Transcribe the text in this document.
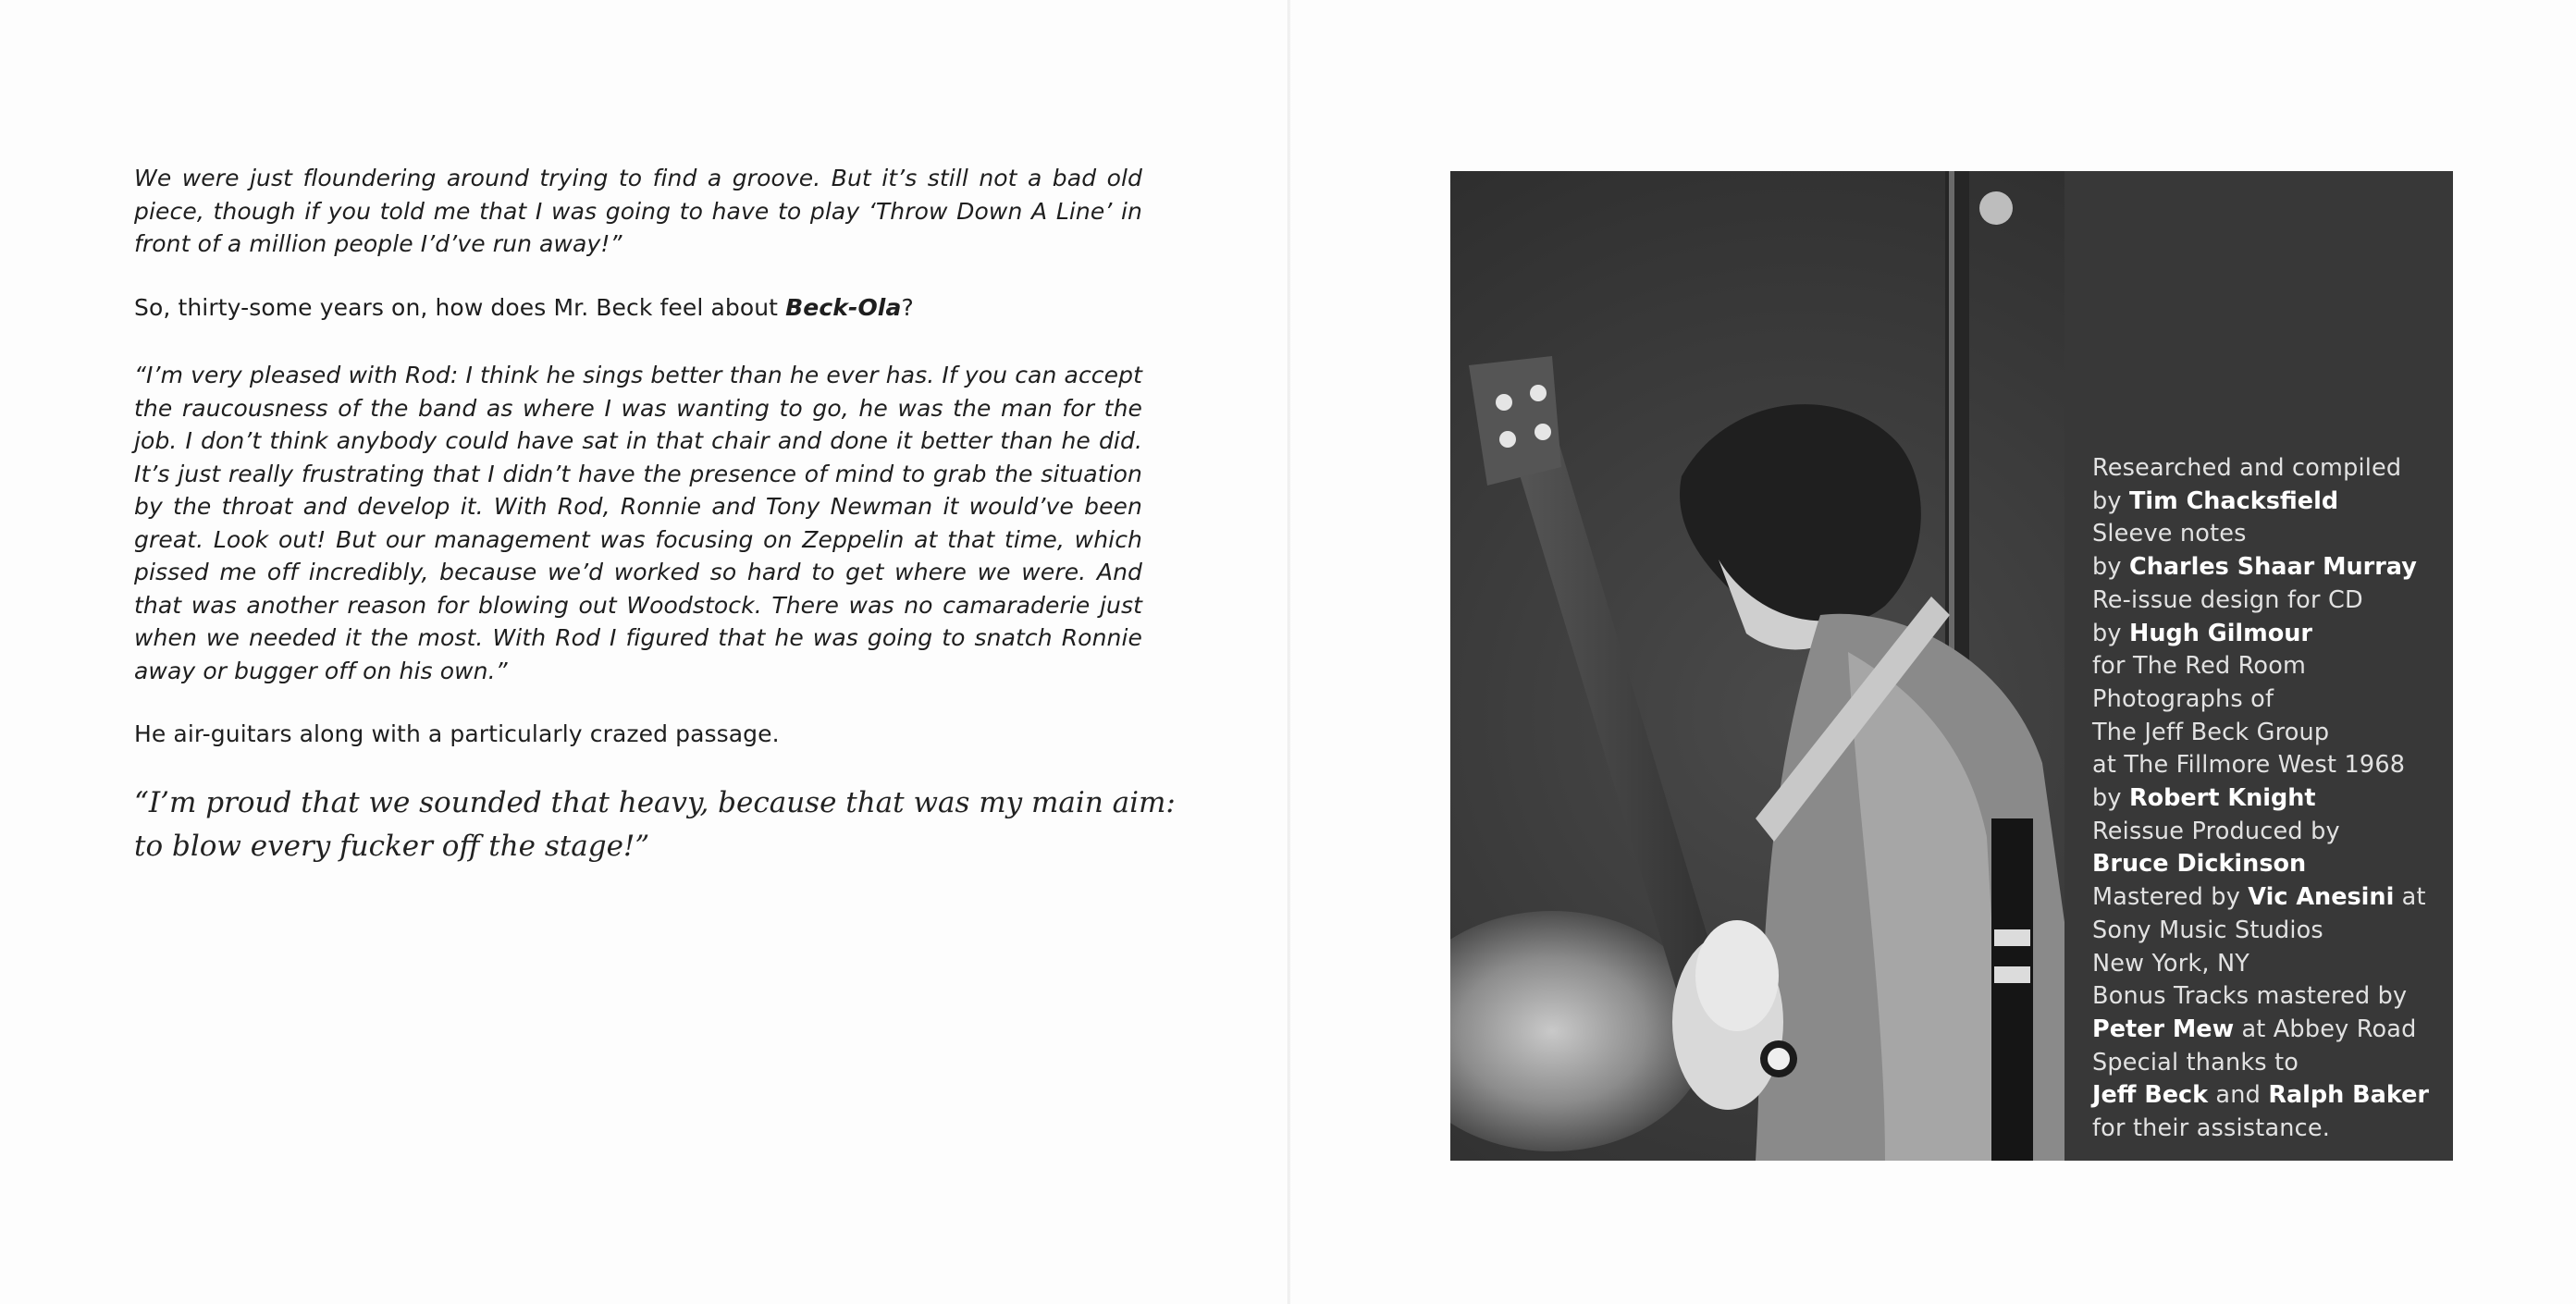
We were just floundering around trying to find a groove. But it’s still not a bad old piece, though if you told me that I was going to have to play ‘Throw Down A Line’ in front of a million people I’d’ve run away!”

So, thirty-some years on, how does Mr. Beck feel about Beck-Ola?

“I’m very pleased with Rod: I think he sings better than he ever has. If you can accept the raucousness of the band as where I was wanting to go, he was the man for the job. I don’t think anybody could have sat in that chair and done it better than he did. It’s just really frustrating that I didn’t have the presence of mind to grab the situation by the throat and develop it. With Rod, Ronnie and Tony Newman it would’ve been great. Look out! But our management was focusing on Zeppelin at that time, which pissed me off incredibly, because we’d worked so hard to get where we were. And that was another reason for blowing out Woodstock. There was no camaraderie just when we needed it the most. With Rod I figured that he was going to snatch Ronnie away or bugger off on his own.”

He air-guitars along with a particularly crazed passage.

“I’m proud that we sounded that heavy, because that was my main aim:
to blow every fucker off the stage!”
Researched and compiled
by Tim Chacksfield
Sleeve notes
by Charles Shaar Murray
Re-issue design for CD
by Hugh Gilmour
for The Red Room
Photographs of
The Jeff Beck Group
at The Fillmore West 1968
by Robert Knight
Reissue Produced by
Bruce Dickinson
Mastered by Vic Anesini at
Sony Music Studios
New York, NY
Bonus Tracks mastered by
Peter Mew at Abbey Road
Special thanks to
Jeff Beck and Ralph Baker
for their assistance.
